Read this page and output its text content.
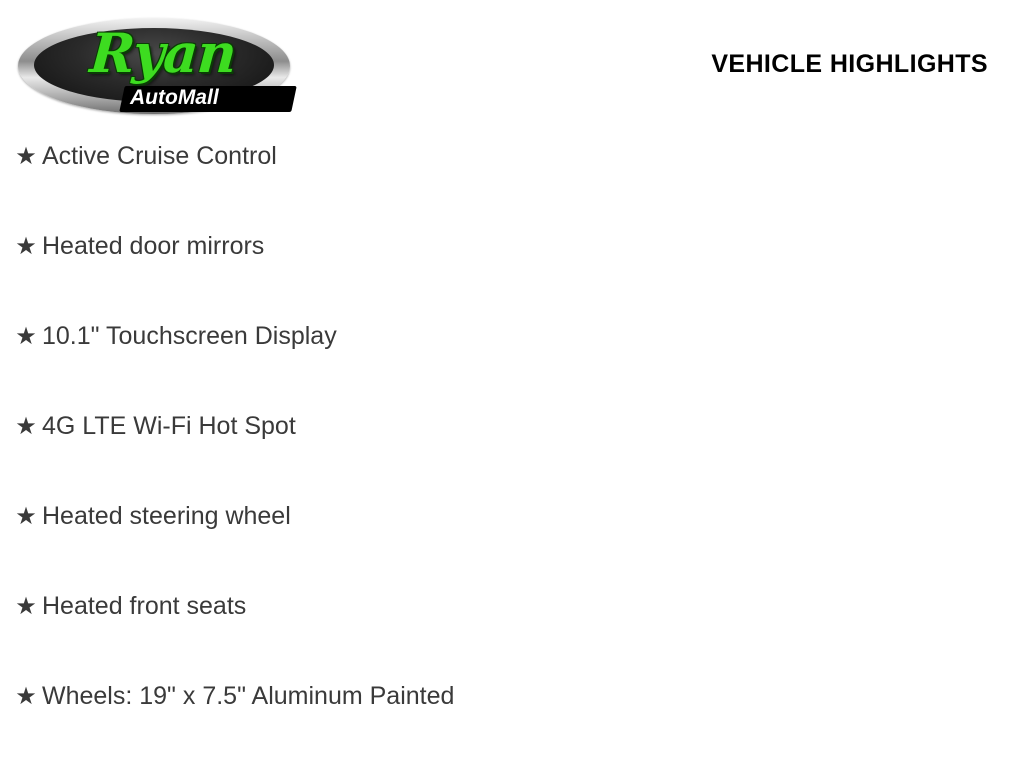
Ryan
AutoMall
VEHICLE HIGHLIGHTS
★ Active Cruise Control
★ Heated door mirrors
★ 10.1" Touchscreen Display
★ 4G LTE Wi-Fi Hot Spot
★ Heated steering wheel
★ Heated front seats
★ Wheels: 19" x 7.5" Aluminum Painted
